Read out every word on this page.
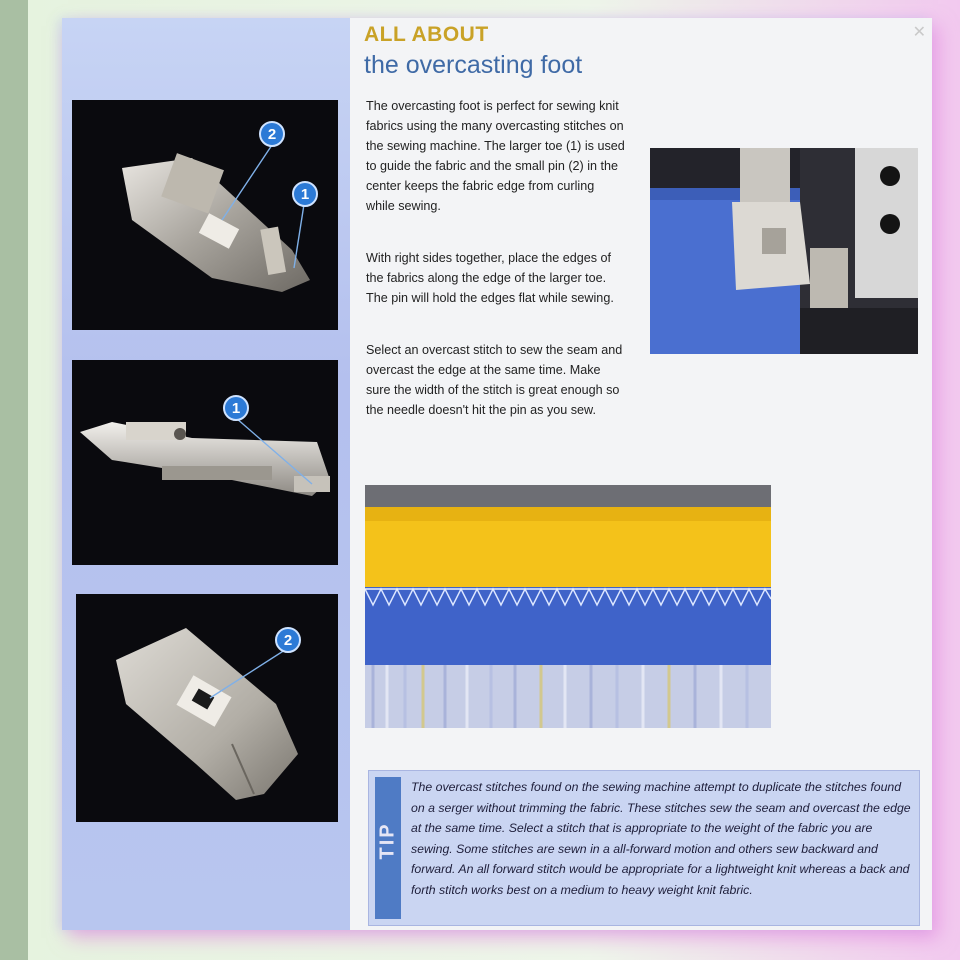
✕
2
1
1
2
ALL ABOUT
the overcasting foot

The overcasting foot is perfect for sewing knit fabrics using the many overcasting stitches on the sewing machine. The larger toe (1) is used to guide the fabric and the small pin (2) in the center keeps the fabric edge from curling while sewing.

With right sides together, place the edges of the fabrics along the edge of the larger toe. The pin will hold the edges flat while sewing.

Select an overcast stitch to sew the seam and overcast the edge at the same time. Make sure the width of the stitch is great enough so the needle doesn't hit the pin as you sew.

TIP

The overcast stitches found on the sewing machine attempt to duplicate the stitches found on a serger without trimming the fabric. These stitches sew the seam and overcast the edge at the same time. Select a stitch that is appropriate to the weight of the fabric you are sewing. Some stitches are sewn in a all-forward motion and others sew backward and forward. An all forward stitch would be appropriate for a lightweight knit whereas a back and forth stitch works best on a medium to heavy weight knit fabric.
